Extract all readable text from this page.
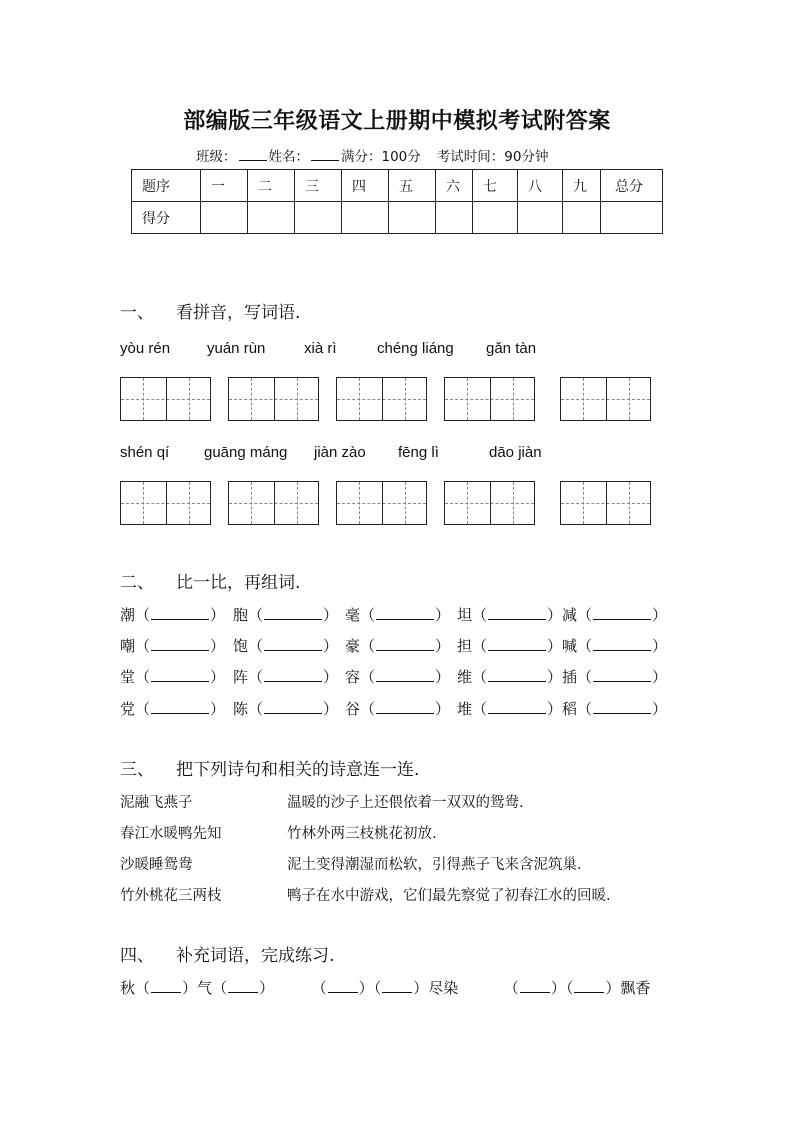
部编版三年级语文上册期中模拟考试附答案
班级： 姓名： 满分：100分 考试时间：90分钟
题序	一	二	三	四	五	六	七	八	九	总分
得分										
一、 看拼音，写词语.
yòu rén yuán rùn	xià rì	chéng liáng gǎn tàn
shén qí guāng máng jiàn zào fēng lì	dāo jiàn
二、 比一比，再组词.
潮（	） 胞（	） 毫（	） 坦（	） 减（	）
嘲（	） 饱（	） 豪（	） 担（	） 喊（	）
堂（	） 阵（	） 容（	） 维（	） 插（	）
党（	） 陈（	） 谷（	） 堆（	） 稻（	）
三、 把下列诗句和相关的诗意连一连.
泥融飞燕子
春江水暖鸭先知
沙暖睡鸳鸯
竹外桃花三两枝
温暖的沙子上还偎依着一双双的鸳鸯.
竹林外两三枝桃花初放.
泥土变得潮湿而松软，引得燕子飞来含泥筑巢.
鸭子在水中游戏，它们最先察觉了初春江水的回暖.
四、 补充词语，完成练习.
秋（ ）气（ ）	（ ）（ ）尽染	（ ）（ ）飘香
